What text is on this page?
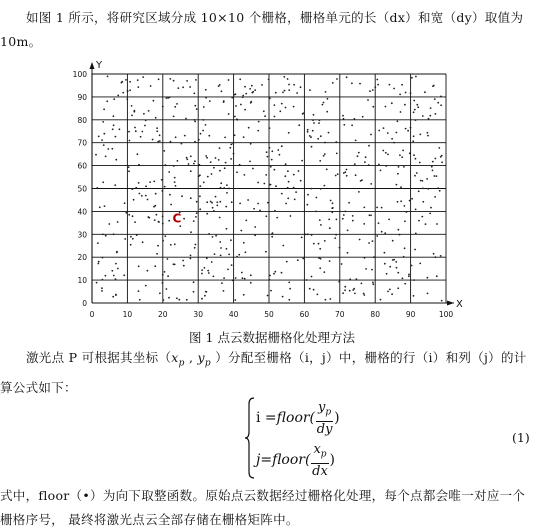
如图 1 所示，将研究区域分成 10×10 个栅格，栅格单元的长（dx）和宽（dy）取值为 10m。
0	10	20	30	40	50	60	70	80	90	100
0
10
20
30
40
50
60
70
80
90
100
Y
X
C
图 1 点云数据栅格化处理方法
激光点 P 可根据其坐标（$x_p$ , $y_p$ ）分配至栅格（i，j）中，栅格的行（i）和列（j）的计算公式如下：
i = floor( $\frac{y_p}{dy}$ )
j = floor( $\frac{x_p}{dx}$ )
(1)
式中，floor（•）为向下取整函数。原始点云数据经过栅格化处理，每个点都会唯一对应一个栅格序号， 最终将激光点云全部存储在栅格矩阵中。
